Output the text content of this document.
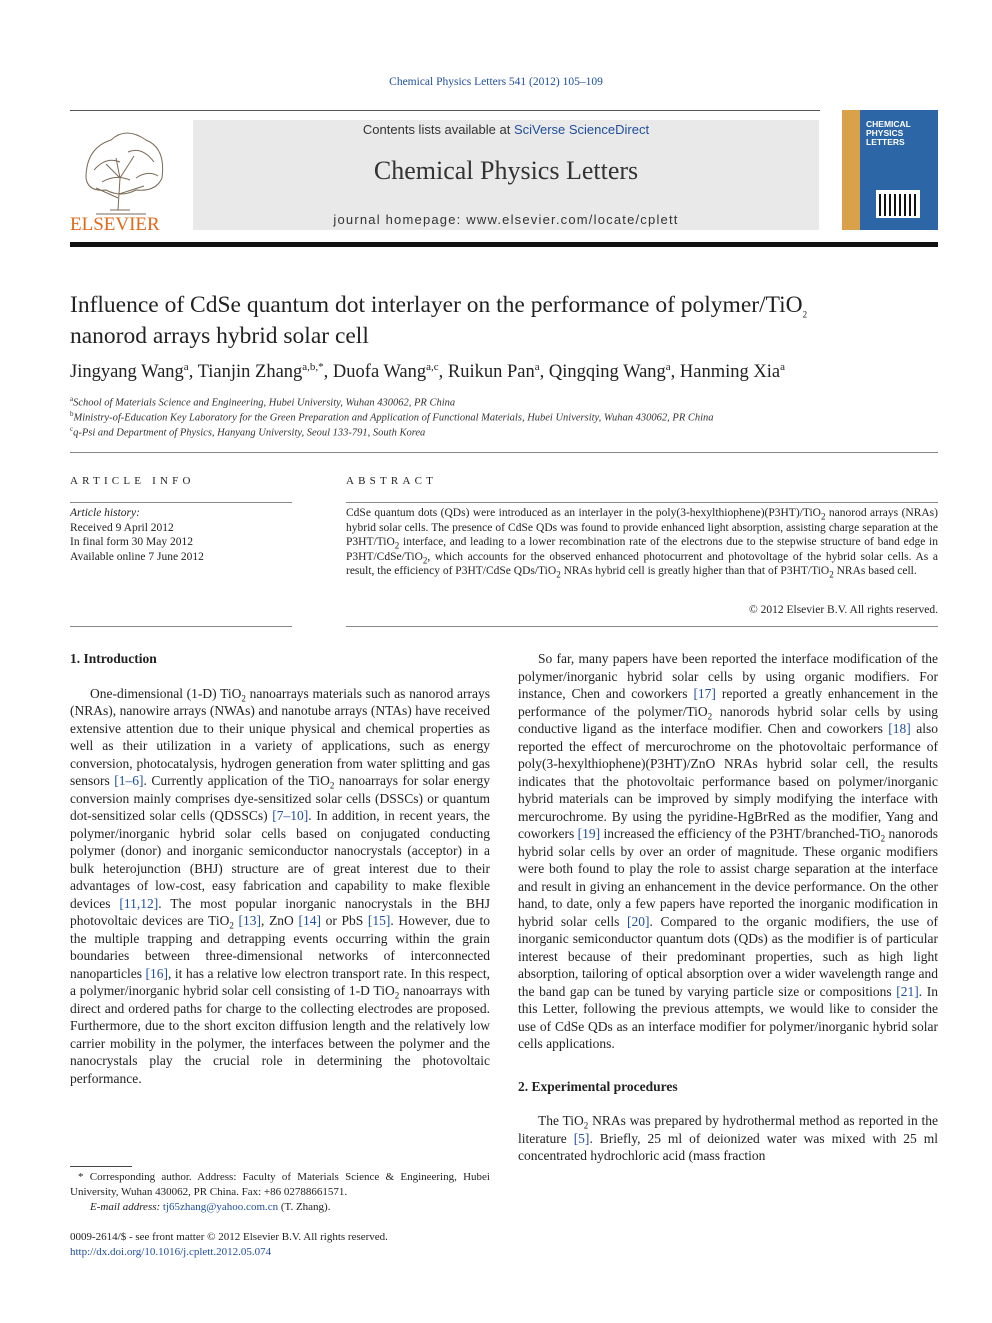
Chemical Physics Letters 541 (2012) 105–109
ELSEVIER
Contents lists available at SciVerse ScienceDirect
Chemical Physics Letters
journal homepage: www.elsevier.com/locate/cplett
CHEMICAL PHYSICS LETTERS
Influence of CdSe quantum dot interlayer on the performance of polymer/TiO$_2$
nanorod arrays hybrid solar cell
Jingyang Wang$^a$, Tianjin Zhang$^{a,b,*}$, Duofa Wang$^{a,c}$, Ruikun Pan$^a$, Qingqing Wang$^a$, Hanming Xia$^a$
$^a$School of Materials Science and Engineering, Hubei University, Wuhan 430062, PR China
$^b$Ministry-of-Education Key Laboratory for the Green Preparation and Application of Functional Materials, Hubei University, Wuhan 430062, PR China
$^c$q-Psi and Department of Physics, Hanyang University, Seoul 133-791, South Korea
ARTICLE INFO
Article history:
Received 9 April 2012
In final form 30 May 2012
Available online 7 June 2012
ABSTRACT
CdSe quantum dots (QDs) were introduced as an interlayer in the poly(3-hexylthiophene)(P3HT)/TiO$_2$ nanorod arrays (NRAs) hybrid solar cells. The presence of CdSe QDs was found to provide enhanced light absorption, assisting charge separation at the P3HT/TiO$_2$ interface, and leading to a lower recombination rate of the electrons due to the stepwise structure of band edge in P3HT/CdSe/TiO$_2$, which accounts for the observed enhanced photocurrent and photovoltage of the hybrid solar cells. As a result, the efficiency of P3HT/CdSe QDs/TiO$_2$ NRAs hybrid cell is greatly higher than that of P3HT/TiO$_2$ NRAs based cell.
© 2012 Elsevier B.V. All rights reserved.
1. Introduction

One-dimensional (1-D) TiO$_2$ nanoarrays materials such as nanorod arrays (NRAs), nanowire arrays (NWAs) and nanotube arrays (NTAs) have received extensive attention due to their unique physical and chemical properties as well as their utilization in a variety of applications, such as energy conversion, photocatalysis, hydrogen generation from water splitting and gas sensors [1–6]. Currently application of the TiO$_2$ nanoarrays for solar energy conversion mainly comprises dye-sensitized solar cells (DSSCs) or quantum dot-sensitized solar cells (QDSSCs) [7–10]. In addition, in recent years, the polymer/inorganic hybrid solar cells based on conjugated conducting polymer (donor) and inorganic semiconductor nanocrystals (acceptor) in a bulk heterojunction (BHJ) structure are of great interest due to their advantages of low-cost, easy fabrication and capability to make flexible devices [11,12]. The most popular inorganic nanocrystals in the BHJ photovoltaic devices are TiO$_2$ [13], ZnO [14] or PbS [15]. However, due to the multiple trapping and detrapping events occurring within the grain boundaries between three-dimensional networks of interconnected nanoparticles [16], it has a relative low electron transport rate. In this respect, a polymer/inorganic hybrid solar cell consisting of 1-D TiO$_2$ nanoarrays with direct and ordered paths for charge to the collecting electrodes are proposed. Furthermore, due to the short exciton diffusion length and the relatively low carrier mobility in the polymer, the interfaces between the polymer and the nanocrystals play the crucial role in determining the photovoltaic performance.

So far, many papers have been reported the interface modification of the polymer/inorganic hybrid solar cells by using organic modifiers. For instance, Chen and coworkers [17] reported a greatly enhancement in the performance of the polymer/TiO$_2$ nanorods hybrid solar cells by using conductive ligand as the interface modifier. Chen and coworkers [18] also reported the effect of mercurochrome on the photovoltaic performance of poly(3-hexylthiophene)(P3HT)/ZnO NRAs hybrid solar cell, the results indicates that the photovoltaic performance based on polymer/inorganic hybrid materials can be improved by simply modifying the interface with mercurochrome. By using the pyridine-HgBrRed as the modifier, Yang and coworkers [19] increased the efficiency of the P3HT/branched-TiO$_2$ nanorods hybrid solar cells by over an order of magnitude. These organic modifiers were both found to play the role to assist charge separation at the interface and result in giving an enhancement in the device performance. On the other hand, to date, only a few papers have reported the inorganic modification in hybrid solar cells [20]. Compared to the organic modifiers, the use of inorganic semiconductor quantum dots (QDs) as the modifier is of particular interest because of their predominant properties, such as high light absorption, tailoring of optical absorption over a wider wavelength range and the band gap can be tuned by varying particle size or compositions [21]. In this Letter, following the previous attempts, we would like to consider the use of CdSe QDs as an interface modifier for polymer/inorganic hybrid solar cells applications.

2. Experimental procedures

The TiO$_2$ NRAs was prepared by hydrothermal method as reported in the literature [5]. Briefly, 25 ml of deionized water was mixed with 25 ml concentrated hydrochloric acid (mass fraction

* Corresponding author. Address: Faculty of Materials Science & Engineering, Hubei University, Wuhan 430062, PR China. Fax: +86 02788661571.
E-mail address: tj65zhang@yahoo.com.cn (T. Zhang).
0009-2614/$ - see front matter © 2012 Elsevier B.V. All rights reserved.
http://dx.doi.org/10.1016/j.cplett.2012.05.074
